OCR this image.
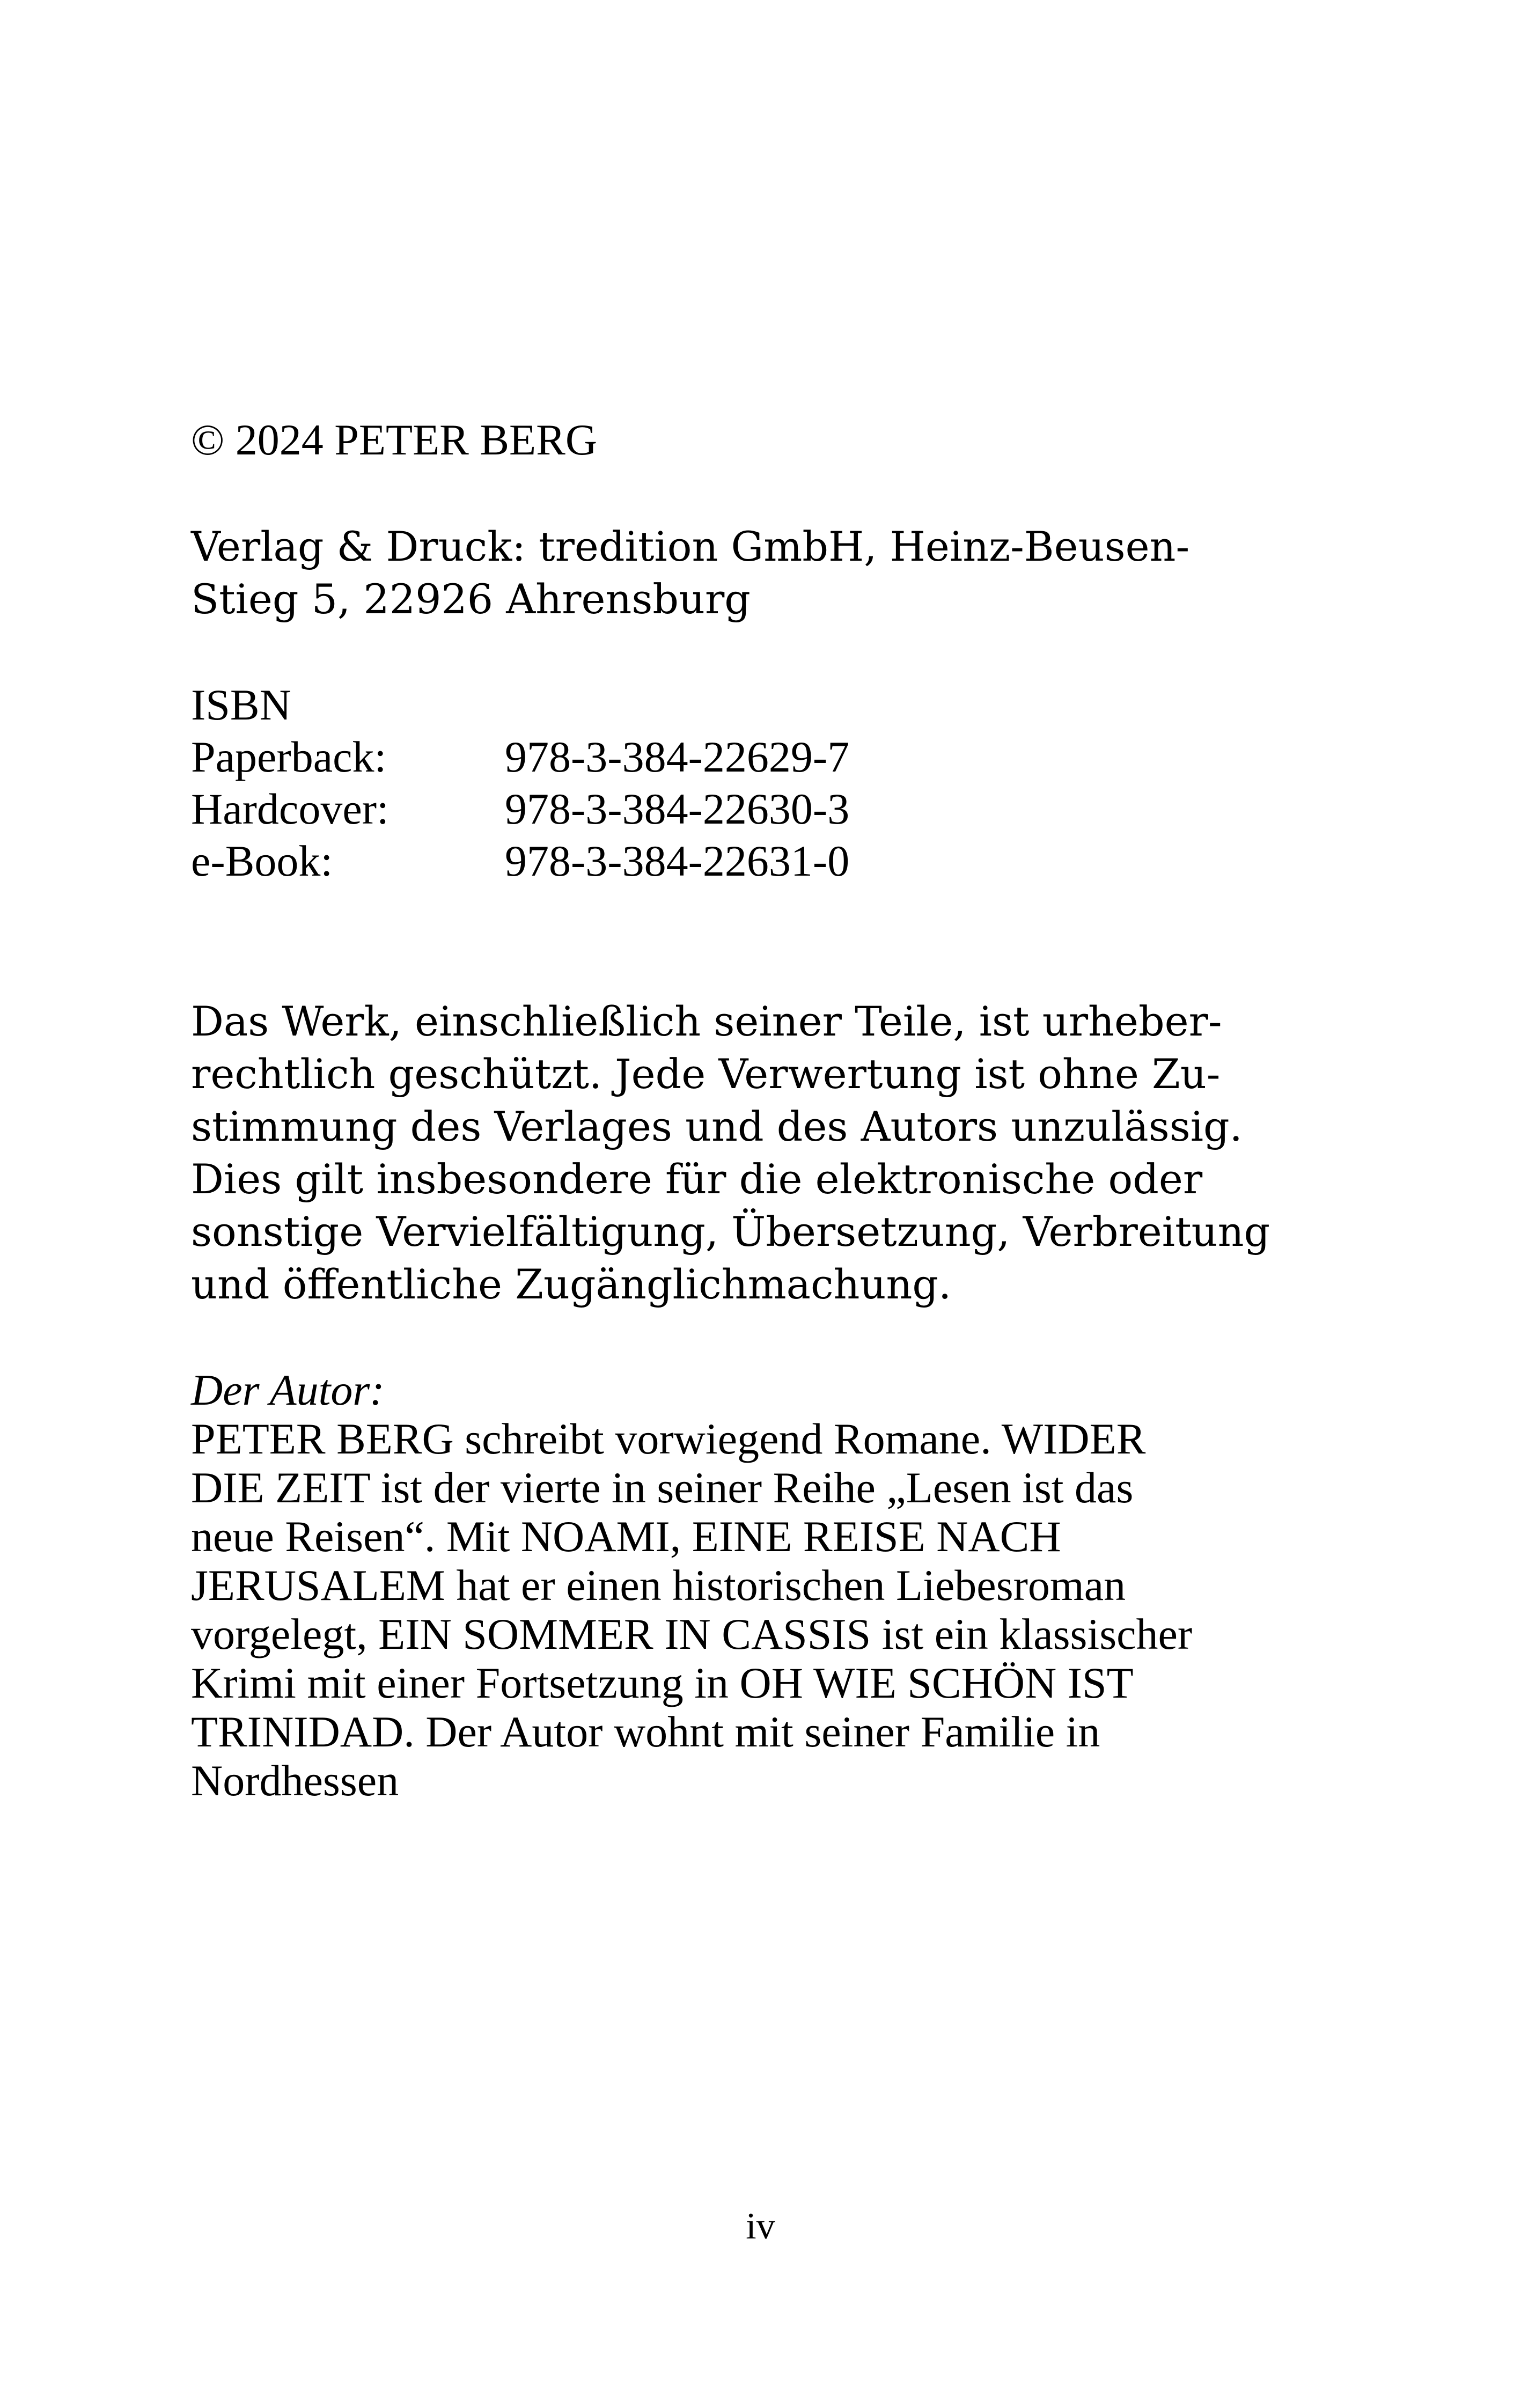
© 2024 PETER BERG
Verlag & Druck: tredition GmbH, Heinz-Beusen-
Stieg 5, 22926 Ahrensburg
ISBN
Paperback:	978-3-384-22629-7
Hardcover:	978-3-384-22630-3
e-Book:	978-3-384-22631-0
Das Werk, einschließlich seiner Teile, ist urheber-
rechtlich geschützt. Jede Verwertung ist ohne Zu-
stimmung des Verlages und des Autors unzulässig.
Dies gilt insbesondere für die elektronische oder
sonstige Vervielfältigung, Übersetzung, Verbreitung
und öffentliche Zugänglichmachung.
Der Autor:
PETER BERG schreibt vorwiegend Romane. WIDER
DIE ZEIT ist der vierte in seiner Reihe „Lesen ist das
neue Reisen“. Mit NOAMI, EINE REISE NACH
JERUSALEM hat er einen historischen Liebesroman
vorgelegt, EIN SOMMER IN CASSIS ist ein klassischer
Krimi mit einer Fortsetzung in OH WIE SCHÖN IST
TRINIDAD. Der Autor wohnt mit seiner Familie in
Nordhessen
iv
